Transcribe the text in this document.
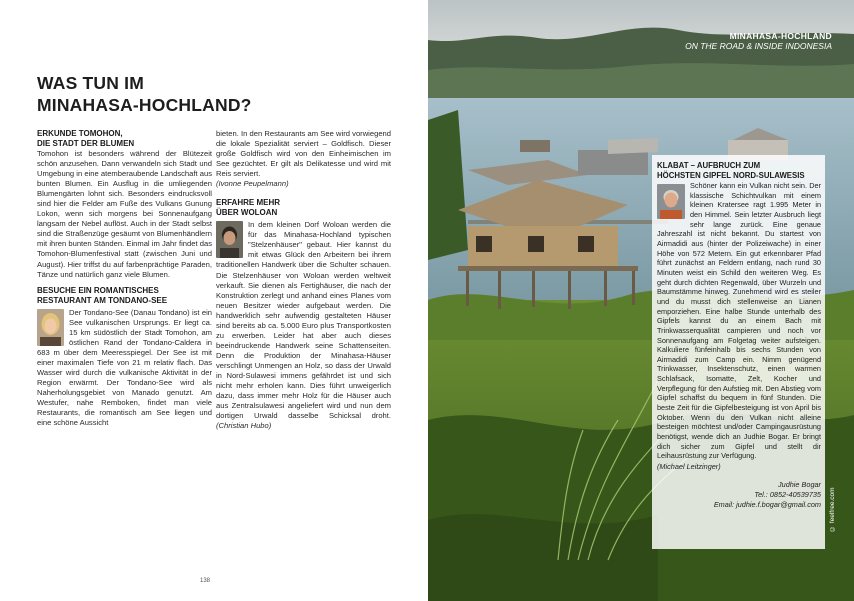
WAS TUN IM
MINAHASA-HOCHLAND?
ERKUNDE TOMOHON,
DIE STADT DER BLUMEN

Tomohon ist besonders während der Blütezeit schön anzusehen. Dann verwandeln sich Stadt und Umgebung in eine atemberaubende Landschaft aus bunten Blumen. Ein Ausflug in die umliegenden Blumengärten lohnt sich. Besonders eindrucksvoll sind hier die Felder am Fuße des Vulkans Gunung Lokon, wenn sich morgens bei Sonnenaufgang langsam der Nebel auflöst. Auch in der Stadt selbst sind die Straßenzüge gesäumt von Blumenhändlern mit ihren bunten Ständen. Einmal im Jahr findet das Tomohon-Blumenfestival statt (zwischen Juni und August). Hier triffst du auf farbenprächtige Paraden, Tänze und natürlich ganz viele Blumen.

BESUCHE EIN ROMANTISCHES
RESTAURANT AM TONDANO-SEE

Der Tondano-See (Danau Tondano) ist ein See vulkanischen Ursprungs. Er liegt ca. 15 km südöstlich der Stadt Tomohon, am östlichen Rand der Tondano-Caldera in 683 m über dem Meeresspiegel. Der See ist mit einer maximalen Tiefe von 21 m relativ flach. Das Wasser wird durch die vulkanische Aktivität in der Region erwärmt. Der Tondano-See wird als Naherholungsgebiet von Manado genutzt. Am Westufer, nahe Remboken, findet man viele Restaurants, die romantisch am See liegen und eine schöne Aussicht

bieten. In den Restaurants am See wird vorwiegend die lokale Spezialität serviert – Goldfisch. Dieser große Goldfisch wird von den Einheimischen im See gezüchtet. Er gilt als Delikatesse und wird mit Reis serviert.
(Ivonne Peupelmann)

ERFAHRE MEHR
ÜBER WOLOAN

In dem kleinen Dorf Woloan werden die für das Minahasa-Hochland typischen "Stelzenhäuser" gebaut. Hier kannst du mit etwas Glück den Arbeitern bei ihrem traditionellen Handwerk über die Schulter schauen. Die Stelzenhäuser von Woloan werden weltweit verkauft. Sie dienen als Fertighäuser, die nach der Konstruktion zerlegt und anhand eines Planes vom neuen Besitzer wieder aufgebaut werden. Die handwerklich sehr aufwendig gestalteten Häuser sind bereits ab ca. 5.000 Euro plus Transportkosten zu erwerben. Leider hat aber auch dieses beeindruckende Handwerk seine Schattenseiten. Denn die Produktion der Minahasa-Häuser verschlingt Unmengen an Holz, so dass der Urwald in Nord-Sulawesi immens gefährdet ist und sich nicht mehr erholen kann. Dies führt unweigerlich dazu, dass immer mehr Holz für die Häuser auch aus Zentralsulawesi angeliefert wird und nun dem dortigen Urwald dasselbe Schicksal droht. (Christian Hubo)

138
MINAHASA-HOCHLAND
ON THE ROAD & INSIDE INDONESIA
© feelfree.com
KLABAT – AUFBRUCH ZUM
HÖCHSTEN GIPFEL NORD-SULAWESIS

Schöner kann ein Vulkan nicht sein. Der klassische Schichtvulkan mit einem kleinen Kratersee ragt 1.995 Meter in den Himmel. Sein letzter Ausbruch liegt sehr lange zurück. Eine genaue Jahreszahl ist nicht bekannt. Du startest von Airmadidi aus (hinter der Polizeiwache) in einer Höhe von 572 Metern. Ein gut erkennbarer Pfad führt zunächst an Feldern entlang, nach rund 30 Minuten weist ein Schild den weiteren Weg. Es geht durch dichten Regenwald, über Wurzeln und Baumstämme hinweg. Zunehmend wird es steiler und du musst dich stellenweise an Lianen emporziehen. Eine halbe Stunde unterhalb des Gipfels kannst du an einem Bach mit Trinkwasserqualität campieren und noch vor Sonnenaufgang am Folgetag weiter aufsteigen. Kalkuliere fünfeinhalb bis sechs Stunden von Airmadidi zum Camp ein. Nimm genügend Trinkwasser, Insektenschutz, einen warmen Schlafsack, Isomatte, Zelt, Kocher und Verpflegung für den Aufstieg mit. Den Abstieg vom Gipfel schaffst du bequem in fünf Stunden. Die beste Zeit für die Gipfelbesteigung ist von April bis Oktober. Wenn du den Vulkan nicht alleine besteigen möchtest und/oder Campingausrüstung benötigst, wende dich an Judhie Bogar. Er bringt dich sicher zum Gipfel und stellt dir Leihausrüstung zur Verfügung.

(Michael Leitzinger)
Judhie Bogar
Tel.: 0852-40539735
Email: judhie.f.bogar@gmail.com
